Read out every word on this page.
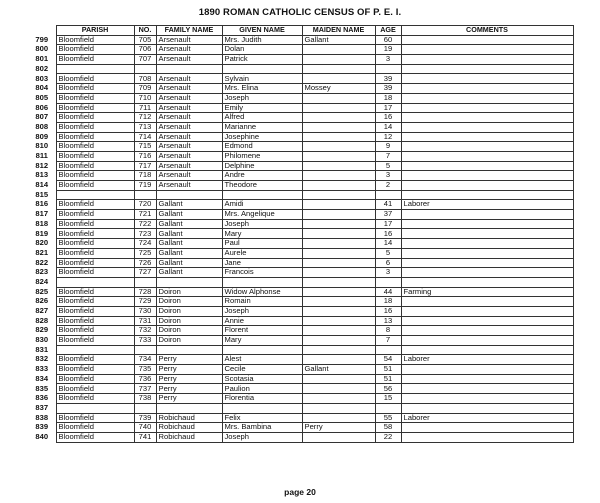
1890 ROMAN CATHOLIC CENSUS OF P. E. I.
	PARISH	NO.	FAMILY NAME	GIVEN NAME	MAIDEN NAME	AGE	COMMENTS
799	Bloomfield	705	Arsenault	Mrs. Judith	Gallant	60	
800	Bloomfield	706	Arsenault	Dolan		19	
801	Bloomfield	707	Arsenault	Patrick		3	
802							
803	Bloomfield	708	Arsenault	Sylvain		39	
804	Bloomfield	709	Arsenault	Mrs. Elina	Mossey	39	
805	Bloomfield	710	Arsenault	Joseph		18	
806	Bloomfield	711	Arsenault	Emily		17	
807	Bloomfield	712	Arsenault	Alfred		16	
808	Bloomfield	713	Arsenault	Marianne		14	
809	Bloomfield	714	Arsenault	Josephine		12	
810	Bloomfield	715	Arsenault	Edmond		9	
811	Bloomfield	716	Arsenault	Philomene		7	
812	Bloomfield	717	Arsenault	Delphine		5	
813	Bloomfield	718	Arsenault	Andre		3	
814	Bloomfield	719	Arsenault	Theodore		2	
815							
816	Bloomfield	720	Gallant	Amidi		41	Laborer
817	Bloomfield	721	Gallant	Mrs. Angelique		37	
818	Bloomfield	722	Gallant	Joseph		17	
819	Bloomfield	723	Gallant	Mary		16	
820	Bloomfield	724	Gallant	Paul		14	
821	Bloomfield	725	Gallant	Aurele		5	
822	Bloomfield	726	Gallant	Jane		6	
823	Bloomfield	727	Gallant	Francois		3	
824							
825	Bloomfield	728	Doiron	Widow Alphonse		44	Farming
826	Bloomfield	729	Doiron	Romain		18	
827	Bloomfield	730	Doiron	Joseph		16	
828	Bloomfield	731	Doiron	Annie		13	
829	Bloomfield	732	Doiron	Florent		8	
830	Bloomfield	733	Doiron	Mary		7	
831							
832	Bloomfield	734	Perry	Alest		54	Laborer
833	Bloomfield	735	Perry	Cecile	Gallant	51	
834	Bloomfield	736	Perry	Scotasia		51	
835	Bloomfield	737	Perry	Paulion		56	
836	Bloomfield	738	Perry	Florentia		15	
837							
838	Bloomfield	739	Robichaud	Felix		55	Laborer
839	Bloomfield	740	Robichaud	Mrs. Bambina	Perry	58	
840	Bloomfield	741	Robichaud	Joseph		22	
page 20
